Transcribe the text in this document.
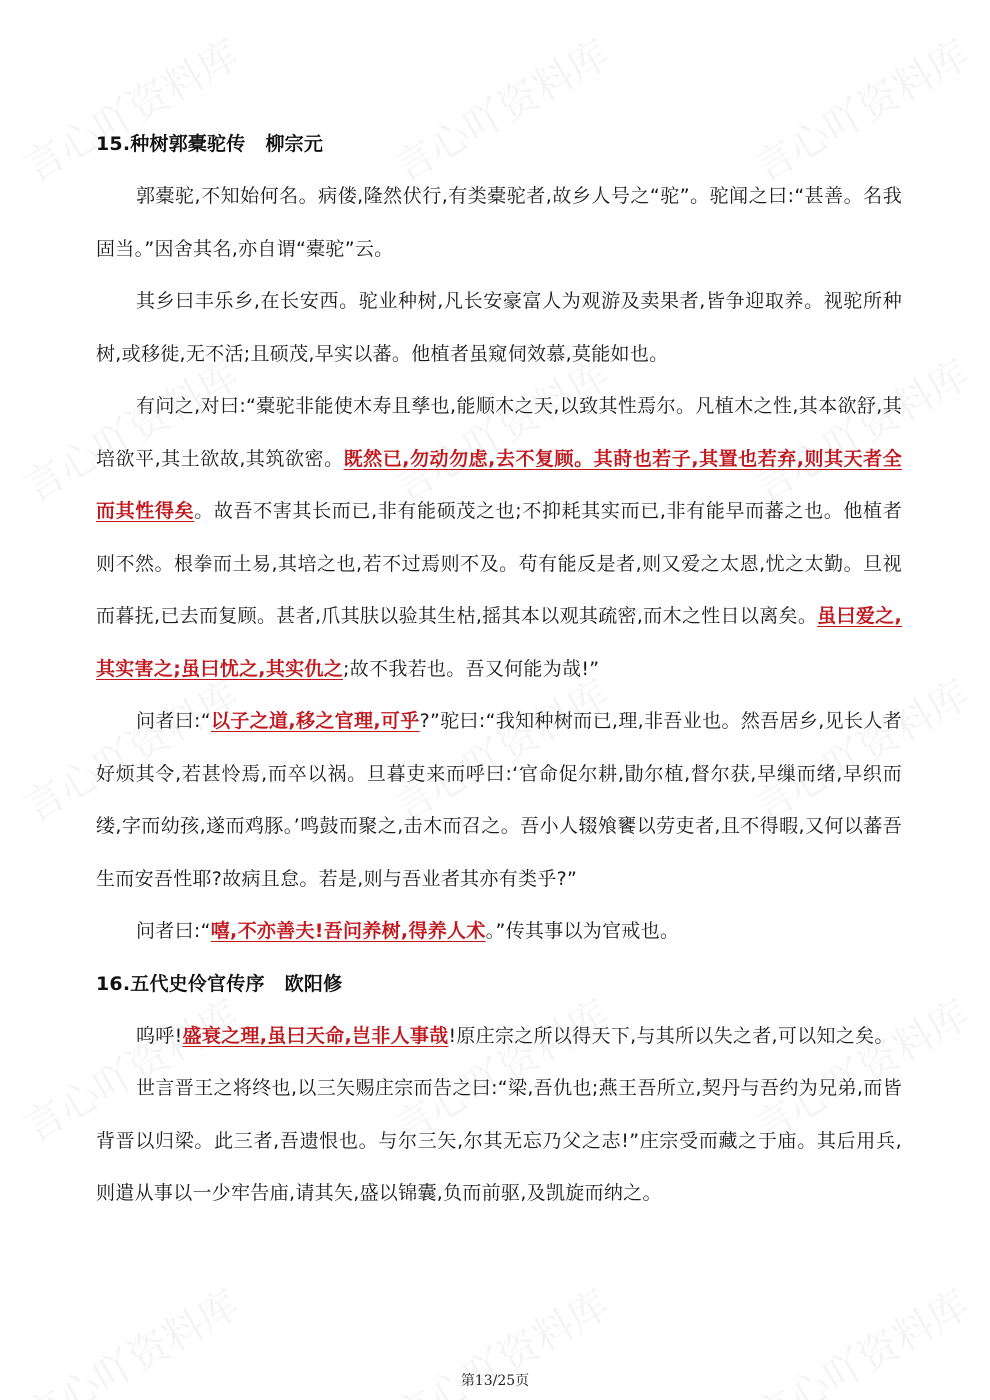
15.种树郭橐驼传 柳宗元

郭橐驼,不知始何名。病偻,隆然伏行,有类橐驼者,故乡人号之“驼”。驼闻之曰:“甚善。名我固当。”因舍其名,亦自谓“橐驼”云。

其乡曰丰乐乡,在长安西。驼业种树,凡长安豪富人为观游及卖果者,皆争迎取养。视驼所种树,或移徙,无不活;且硕茂,早实以蕃。他植者虽窥伺效慕,莫能如也。

有问之,对曰:“橐驼非能使木寿且孳也,能顺木之天,以致其性焉尔。凡植木之性,其本欲舒,其培欲平,其土欲故,其筑欲密。既然已,勿动勿虑,去不复顾。其莳也若子,其置也若弃,则其天者全而其性得矣。故吾不害其长而已,非有能硕茂之也;不抑耗其实而已,非有能早而蕃之也。他植者则不然。根拳而土易,其培之也,若不过焉则不及。苟有能反是者,则又爱之太恩,忧之太勤。旦视而暮抚,已去而复顾。甚者,爪其肤以验其生枯,摇其本以观其疏密,而木之性日以离矣。虽曰爱之,其实害之;虽曰忧之,其实仇之;故不我若也。吾又何能为哉!”

问者曰:“以子之道,移之官理,可乎?”驼曰:“我知种树而已,理,非吾业也。然吾居乡,见长人者好烦其令,若甚怜焉,而卒以祸。旦暮吏来而呼曰:‘官命促尔耕,勖尔植,督尔获,早缫而绪,早织而缕,字而幼孩,遂而鸡豚。’鸣鼓而聚之,击木而召之。吾小人辍飧饔以劳吏者,且不得暇,又何以蕃吾生而安吾性耶?故病且怠。若是,则与吾业者其亦有类乎?”

问者曰:“嘻,不亦善夫!吾问养树,得养人术。”传其事以为官戒也。

16.五代史伶官传序 欧阳修

呜呼!盛衰之理,虽曰天命,岂非人事哉!原庄宗之所以得天下,与其所以失之者,可以知之矣。

世言晋王之将终也,以三矢赐庄宗而告之曰:“梁,吾仇也;燕王吾所立,契丹与吾约为兄弟,而皆背晋以归梁。此三者,吾遗恨也。与尔三矢,尔其无忘乃父之志!”庄宗受而藏之于庙。其后用兵,则遣从事以一少牢告庙,请其矢,盛以锦囊,负而前驱,及凯旋而纳之。

第13/25页
